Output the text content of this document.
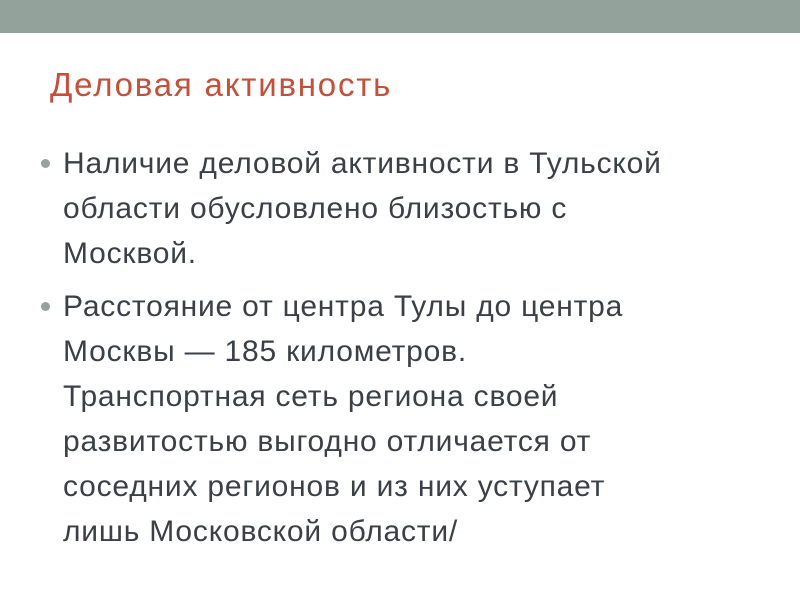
Деловая активность
Наличие деловой активности в Тульской
области обусловлено близостью с
Москвой.
Расстояние от центра Тулы до центра
Москвы — 185 километров.
Транспортная сеть региона своей
развитостью выгодно отличается от
соседних регионов и из них уступает
лишь Московской области/
